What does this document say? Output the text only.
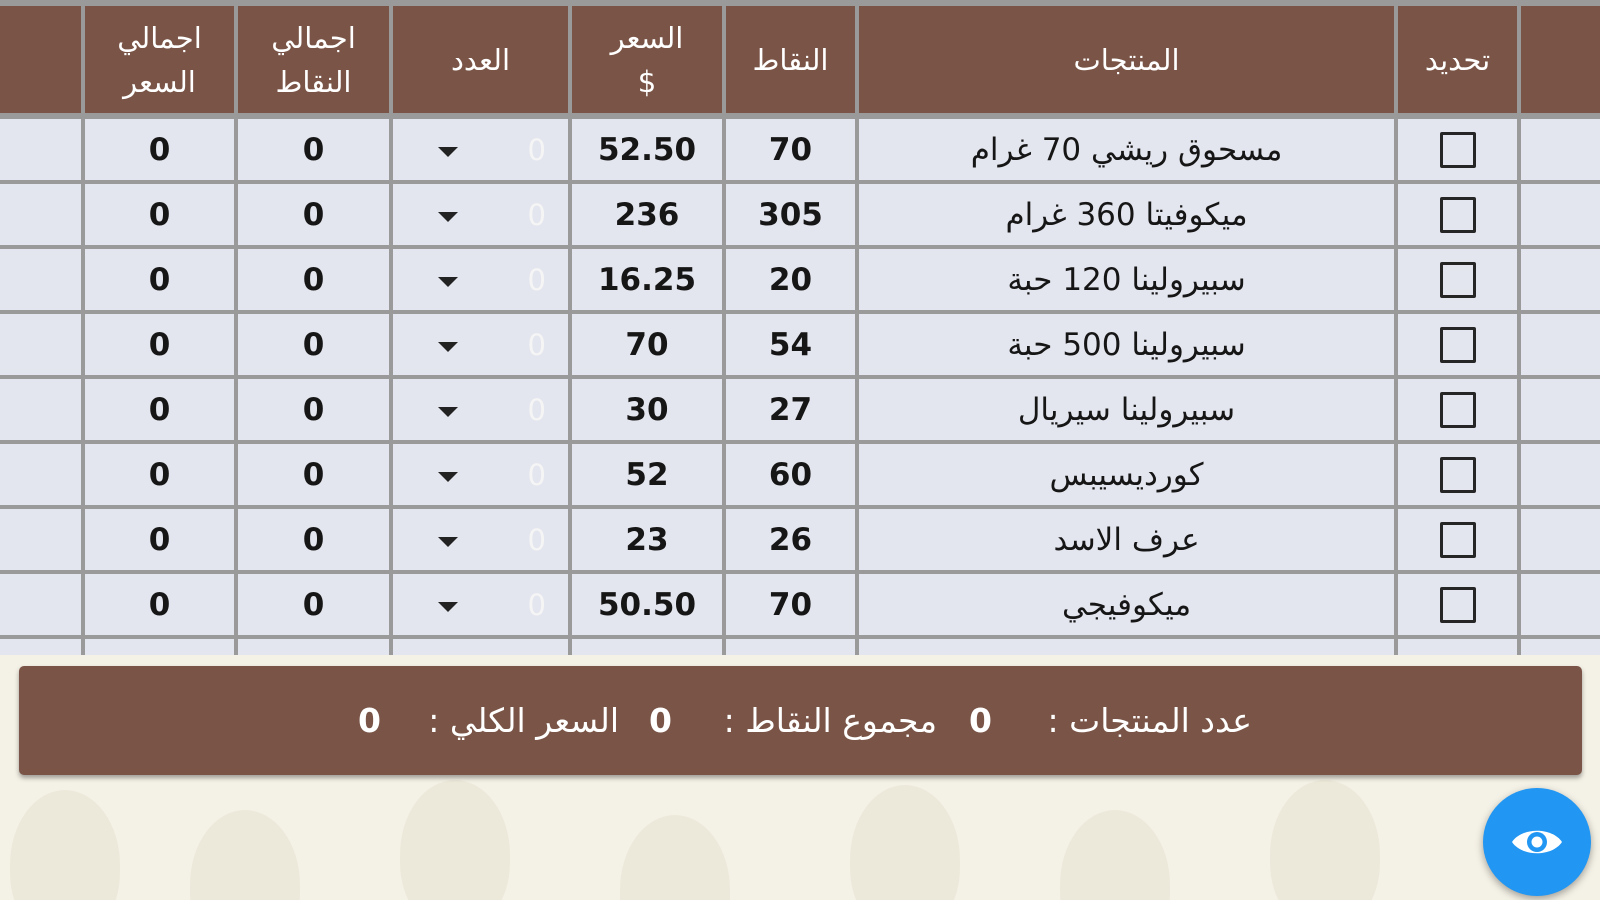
تحديد
المنتجات
النقاط
السعر
$
العدد
اجمالي
النقاط
اجمالي
السعر
مسحوق ريشي 70 غرام
70
52.50
0
0
0
ميكوفيتا 360 غرام
305
236
0
0
0
سبيرولينا 120 حبة
20
16.25
0
0
0
سبيرولينا 500 حبة
54
70
0
0
0
سبيرولينا سيريال
27
30
0
0
0
كورديسيبس
60
52
0
0
0
عرف الاسد
26
23
0
0
0
ميكوفيجي
70
50.50
0
0
0
عدد المنتجات :
0
مجموع النقاط :
0
السعر الكلي :
0
